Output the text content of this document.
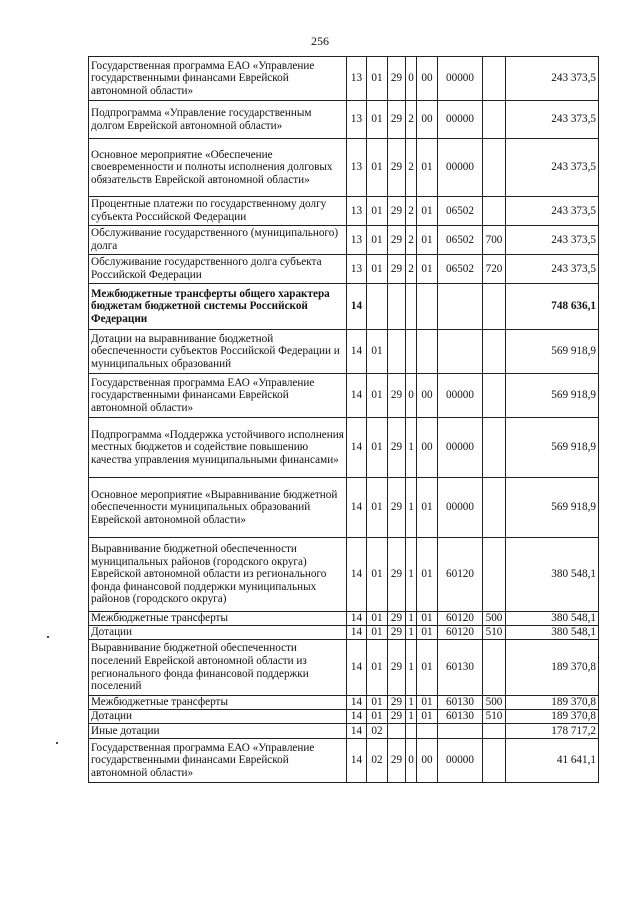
256
Государственная программа ЕАО «Управление государственными финансами Еврейской автономной области»	13	01	29	0	00	00000		243 373,5
Подпрограмма «Управление государственным долгом Еврейской автономной области»	13	01	29	2	00	00000		243 373,5
Основное мероприятие «Обеспечение своевременности и полноты исполнения долговых обязательств Еврейской автономной области»	13	01	29	2	01	00000		243 373,5
Процентные платежи по государственному долгу субъекта Российской Федерации	13	01	29	2	01	06502		243 373,5
Обслуживание государственного (муниципального) долга	13	01	29	2	01	06502	700	243 373,5
Обслуживание государственного долга субъекта Российской Федерации	13	01	29	2	01	06502	720	243 373,5
Межбюджетные трансферты общего характера бюджетам бюджетной системы Российской Федерации	14							748 636,1
Дотации на выравнивание бюджетной обеспеченности субъектов Российской Федерации и муниципальных образований	14	01						569 918,9
Государственная программа ЕАО «Управление государственными финансами Еврейской автономной области»	14	01	29	0	00	00000		569 918,9
Подпрограмма «Поддержка устойчивого исполнения местных бюджетов и содействие повышению качества управления муниципальными финансами»	14	01	29	1	00	00000		569 918,9
Основное мероприятие «Выравнивание бюджетной обеспеченности муниципальных образований Еврейской автономной области»	14	01	29	1	01	00000		569 918,9
Выравнивание бюджетной обеспеченности муниципальных районов (городского округа) Еврейской автономной области из регионального фонда финансовой поддержки муниципальных районов (городского округа)	14	01	29	1	01	60120		380 548,1
Межбюджетные трансферты	14	01	29	1	01	60120	500	380 548,1
Дотации	14	01	29	1	01	60120	510	380 548,1
Выравнивание бюджетной обеспеченности поселений Еврейской автономной области из регионального фонда финансовой поддержки поселений	14	01	29	1	01	60130		189 370,8
Межбюджетные трансферты	14	01	29	1	01	60130	500	189 370,8
Дотации	14	01	29	1	01	60130	510	189 370,8
Иные дотации	14	02						178 717,2
Государственная программа ЕАО «Управление государственными финансами Еврейской автономной области»	14	02	29	0	00	00000		41 641,1
